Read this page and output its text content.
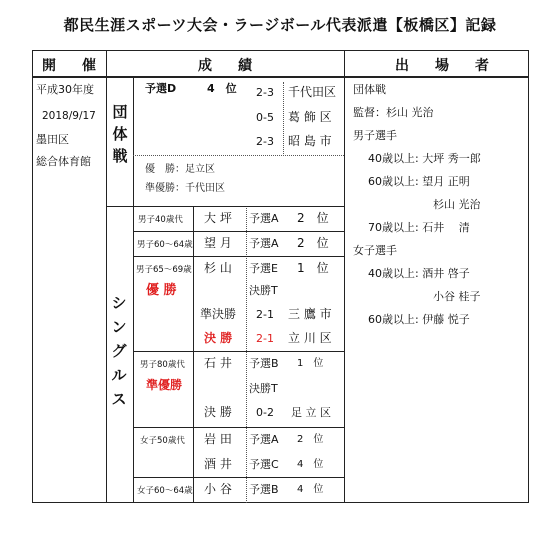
都民生涯スポーツ大会・ラージボール代表派遣【板橋区】記録
開　催	成　績	出　場　者
平成30年度
2018/9/17
墨田区
総合体育館
団
体
戦
予選D	4　 位 2-3 千代田区
0-5 葛 飾 区
2-3 昭 島 市
優　勝：足立区
準優勝：千代田区
シ
ン
グ
ル
ス
男子40歳代 大 坪 予選A 2　位
男子60～64歳 望 月 予選A 2　位
男子65～69歳 杉 山 予選E 1　位
優 勝	決勝T
準決勝 2-1 三 鷹 市
決 勝 2-1 立 川 区
男子80歳代 石 井 予選B 1　位
準優勝	決勝T
決 勝 0-2 足 立 区
女子50歳代 岩 田 予選A 2　位
酒 井 予選C 4　位
女子60～64歳 小 谷 予選B 4　位
団体戦
監督：杉山 光治
男子選手
40歳以上: 大坪 秀一郎
60歳以上: 望月 正明
杉山 光治
70歳以上: 石井　 清
女子選手
40歳以上: 酒井 啓子
小谷 桂子
60歳以上: 伊藤 悦子
